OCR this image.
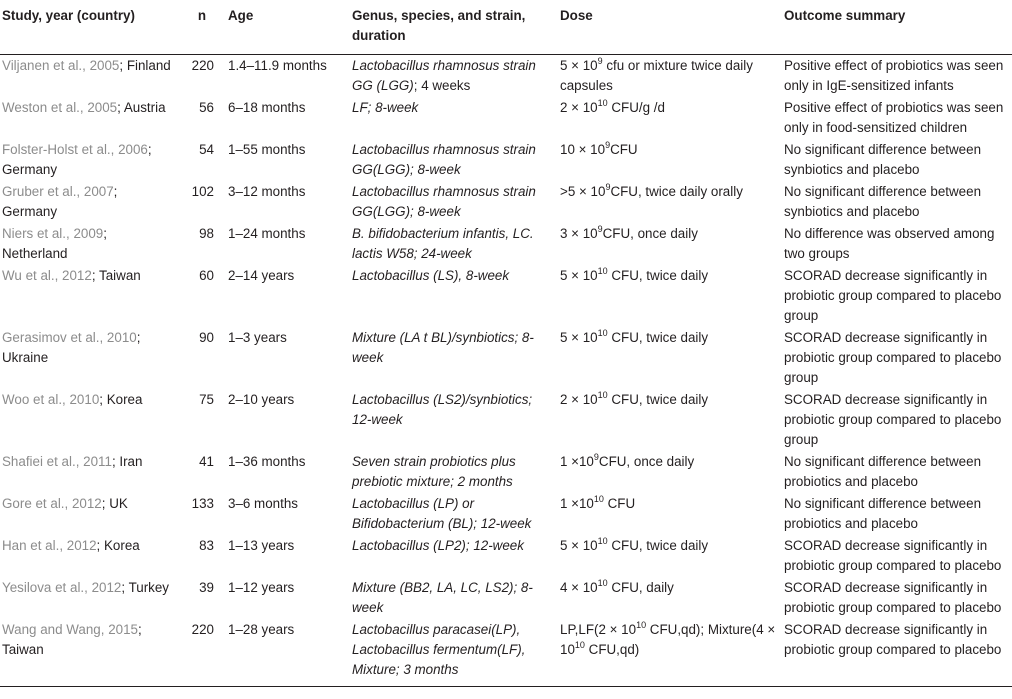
Study, year (country)	n	Age	Genus, species, and strain, duration	Dose	Outcome summary
Viljanen et al., 2005; Finland	220	1.4–11.9 months	Lactobacillus rhamnosus strain GG (LGG); 4 weeks	$5 \times 10^9$ cfu or mixture twice daily capsules	Positive effect of probiotics was seen only in IgE-sensitized infants
Weston et al., 2005; Austria	56	6–18 months	LF; 8-week	$2 \times 10^{10}$ CFU/g /d	Positive effect of probiotics was seen only in food-sensitized children
Folster-Holst et al., 2006; Germany	54	1–55 months	Lactobacillus rhamnosus strain GG(LGG); 8-week	$10 \times 10^9CFU$	No significant difference between synbiotics and placebo
Gruber et al., 2007; Germany	102	3–12 months	Lactobacillus rhamnosus strain GG(LGG); 8-week	$>5 \times 10^9CFU$, twice daily orally	No significant difference between synbiotics and placebo
Niers et al., 2009; Netherland	98	1–24 months	B. bifidobacterium infantis, LC. lactis W58; 24-week	$3 \times 10^9CFU$, once daily	No difference was observed among two groups
Wu et al., 2012; Taiwan	60	2–14 years	Lactobacillus (LS), 8-week	$5 \times 10^{10}$ CFU, twice daily	SCORAD decrease significantly in probiotic group compared to placebo group
Gerasimov et al., 2010; Ukraine	90	1–3 years	Mixture (LA t BL)/synbiotics; 8-week	$5 \times 10^{10}$ CFU, twice daily	SCORAD decrease significantly in probiotic group compared to placebo group
Woo et al., 2010; Korea	75	2–10 years	Lactobacillus (LS2)/synbiotics; 12-week	$2 \times 10^{10}$ CFU, twice daily	SCORAD decrease significantly in probiotic group compared to placebo group
Shafiei et al., 2011; Iran	41	1–36 months	Seven strain probiotics plus prebiotic mixture; 2 months	$1 \times 10^9CFU$, once daily	No significant difference between probiotics and placebo
Gore et al., 2012; UK	133	3–6 months	Lactobacillus (LP) or Bifidobacterium (BL); 12-week	$1 \times 10^{10}$ CFU	No significant difference between probiotics and placebo
Han et al., 2012; Korea	83	1–13 years	Lactobacillus (LP2); 12-week	$5 \times 10^{10}$ CFU, twice daily	SCORAD decrease significantly in probiotic group compared to placebo
Yesilova et al., 2012; Turkey	39	1–12 years	Mixture (BB2, LA, LC, LS2); 8-week	$4 \times 10^{10}$ CFU, daily	SCORAD decrease significantly in probiotic group compared to placebo
Wang and Wang, 2015; Taiwan	220	1–28 years	Lactobacillus paracasei(LP), Lactobacillus fermentum(LF), Mixture; 3 months	$LP,LF(2 \times 10^{10}$ CFU,qd); Mixture(4 × $10^{10}$ CFU,qd)	SCORAD decrease significantly in probiotic group compared to placebo
